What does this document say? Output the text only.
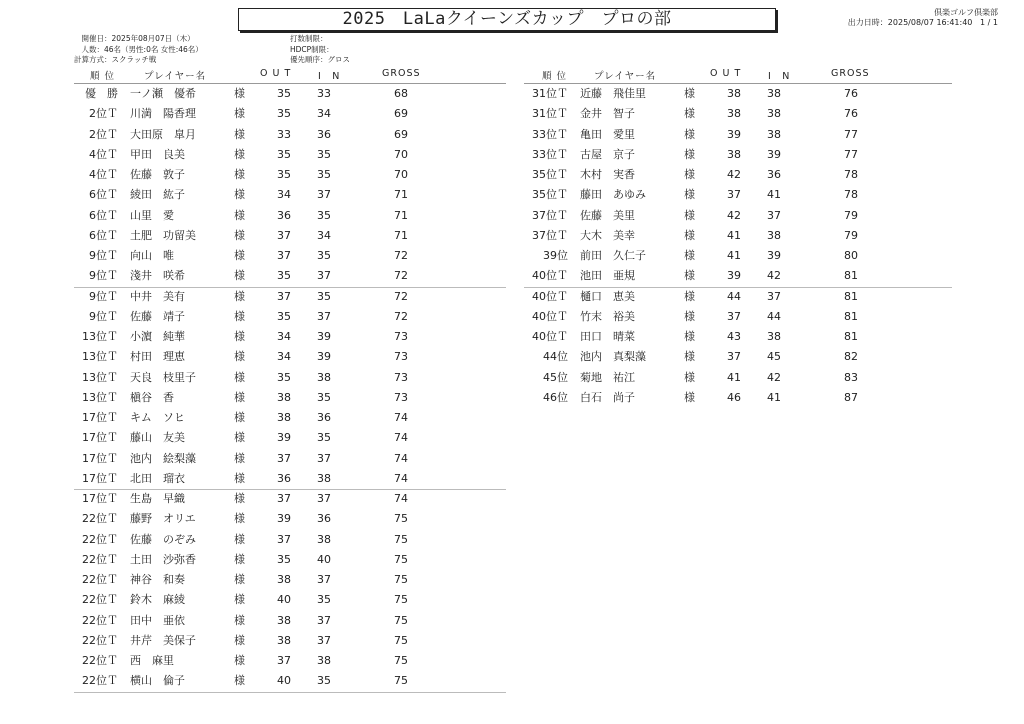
2025　LaLaクイーンズカップ　プロの部	倶楽ゴルフ倶楽部
出力日時：2025/08/07 16:41:40 1 / 1
　開催日： 2025年08月07日（木）
　人数： 46名（男性:0名 女性:46名）
計算方式： スクラッチ戦
打数制限：
HDCP制限：
優先順序： グロス
順 位	プレイヤー名	O U T	I　N	GROSS	順 位	プレイヤー名	O U T	I　N	GROSS
優　勝 一ノ瀬　優希	様	35	33	68
2位Ｔ 川満　陽香理	様	35	34	69
2位Ｔ 大田原　皐月	様	33	36	69
4位Ｔ 甲田　良美	様	35	35	70
4位Ｔ 佐藤　敦子	様	35	35	70
6位Ｔ 綾田　紘子	様	34	37	71
6位Ｔ 山里　愛	様	36	35	71
6位Ｔ 土肥　功留美	様	37	34	71
9位Ｔ 向山　唯	様	37	35	72
9位Ｔ 淺井　咲希	様	35	37	72
9位Ｔ 中井　美有	様	37	35	72
9位Ｔ 佐藤　靖子	様	35	37	72
13位Ｔ 小濵　純華	様	34	39	73
13位Ｔ 村田　理恵	様	34	39	73
13位Ｔ 天良　枝里子	様	35	38	73
13位Ｔ 槇谷　香	様	38	35	73
17位Ｔ キム　ソヒ	様	38	36	74
17位Ｔ 藤山　友美	様	39	35	74
17位Ｔ 池内　絵梨藻	様	37	37	74
17位Ｔ 北田　瑠衣	様	36	38	74
17位Ｔ 生島　早織	様	37	37	74
22位Ｔ 藤野　オリエ	様	39	36	75
22位Ｔ 佐藤　のぞみ	様	37	38	75
22位Ｔ 土田　沙弥香	様	35	40	75
22位Ｔ 神谷　和奏	様	38	37	75
22位Ｔ 鈴木　麻綾	様	40	35	75
22位Ｔ 田中　亜依	様	38	37	75
22位Ｔ 井芹　美保子	様	38	37	75
22位Ｔ 西　麻里	様	37	38	75
22位Ｔ 横山　倫子	様	40	35	75
31位Ｔ 近藤　飛佳里	様	38	38	76
31位Ｔ 金井　智子	様	38	38	76
33位Ｔ 亀田　愛里	様	39	38	77
33位Ｔ 古屋　京子	様	38	39	77
35位Ｔ 木村　実香	様	42	36	78
35位Ｔ 藤田　あゆみ	様	37	41	78
37位Ｔ 佐藤　美里	様	42	37	79
37位Ｔ 大木　美幸	様	41	38	79
39位 前田　久仁子	様	41	39	80
40位Ｔ 池田　亜規	様	39	42	81
40位Ｔ 樋口　恵美	様	44	37	81
40位Ｔ 竹末　裕美	様	37	44	81
40位Ｔ 田口　晴菜	様	43	38	81
44位 池内　真梨藻	様	37	45	82
45位 菊地　祐江	様	41	42	83
46位 白石　尚子	様	46	41	87
